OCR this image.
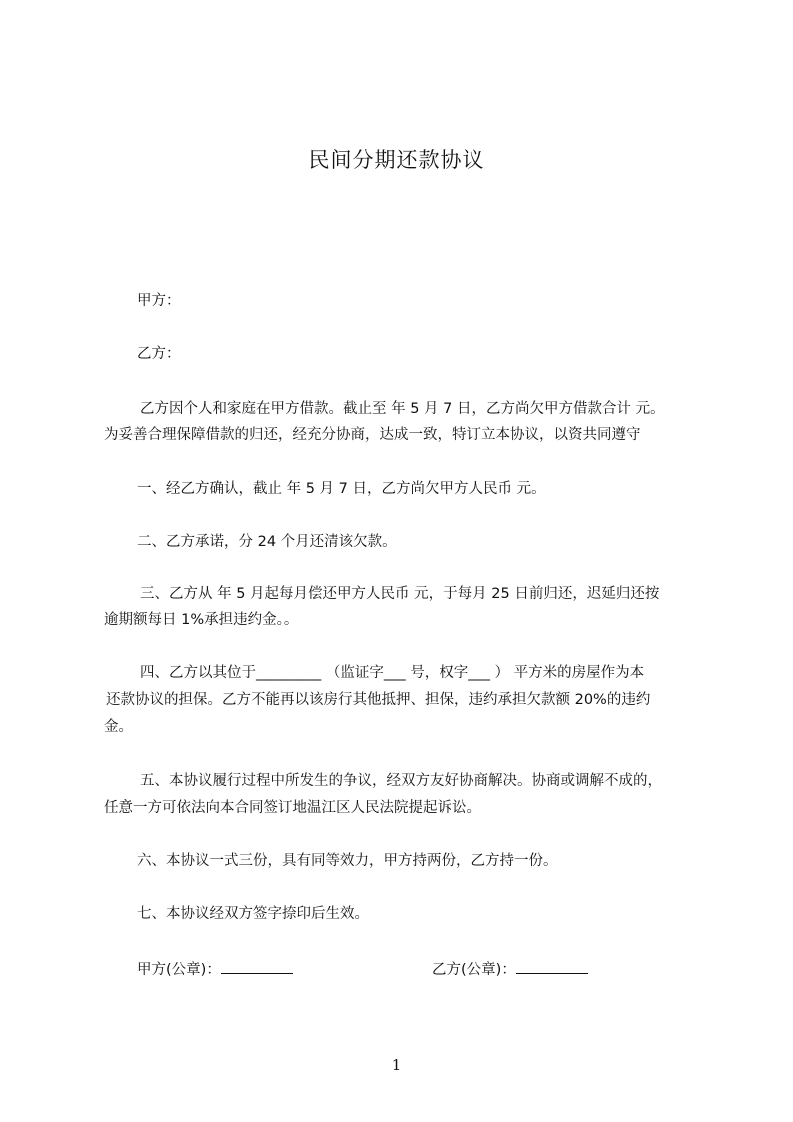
民间分期还款协议
甲方：
乙方：
乙方因个人和家庭在甲方借款。截止至 年 5 月 7 日，乙方尚欠甲方借款合计 元。
为妥善合理保障借款的归还，经充分协商，达成一致，特订立本协议，以资共同遵守
一、经乙方确认，截止 年 5 月 7 日，乙方尚欠甲方人民币 元。
二、乙方承诺，分 24 个月还清该欠款。
三、乙方从 年 5 月起每月偿还甲方人民币 元，于每月 25 日前归还，迟延归还按
逾期额每日 1%承担违约金。。
四、乙方以其位于_________ （监证字___ 号，权字___ ） 平方米的房屋作为本
还款协议的担保。乙方不能再以该房行其他抵押、担保，违约承担欠款额 20%的违约
金。
五、本协议履行过程中所发生的争议，经双方友好协商解决。协商或调解不成的，
任意一方可依法向本合同签订地温江区人民法院提起诉讼。
六、本协议一式三份，具有同等效力，甲方持两份，乙方持一份。
七、本协议经双方签字捺印后生效。
甲方(公章)：	乙方(公章)：
1
